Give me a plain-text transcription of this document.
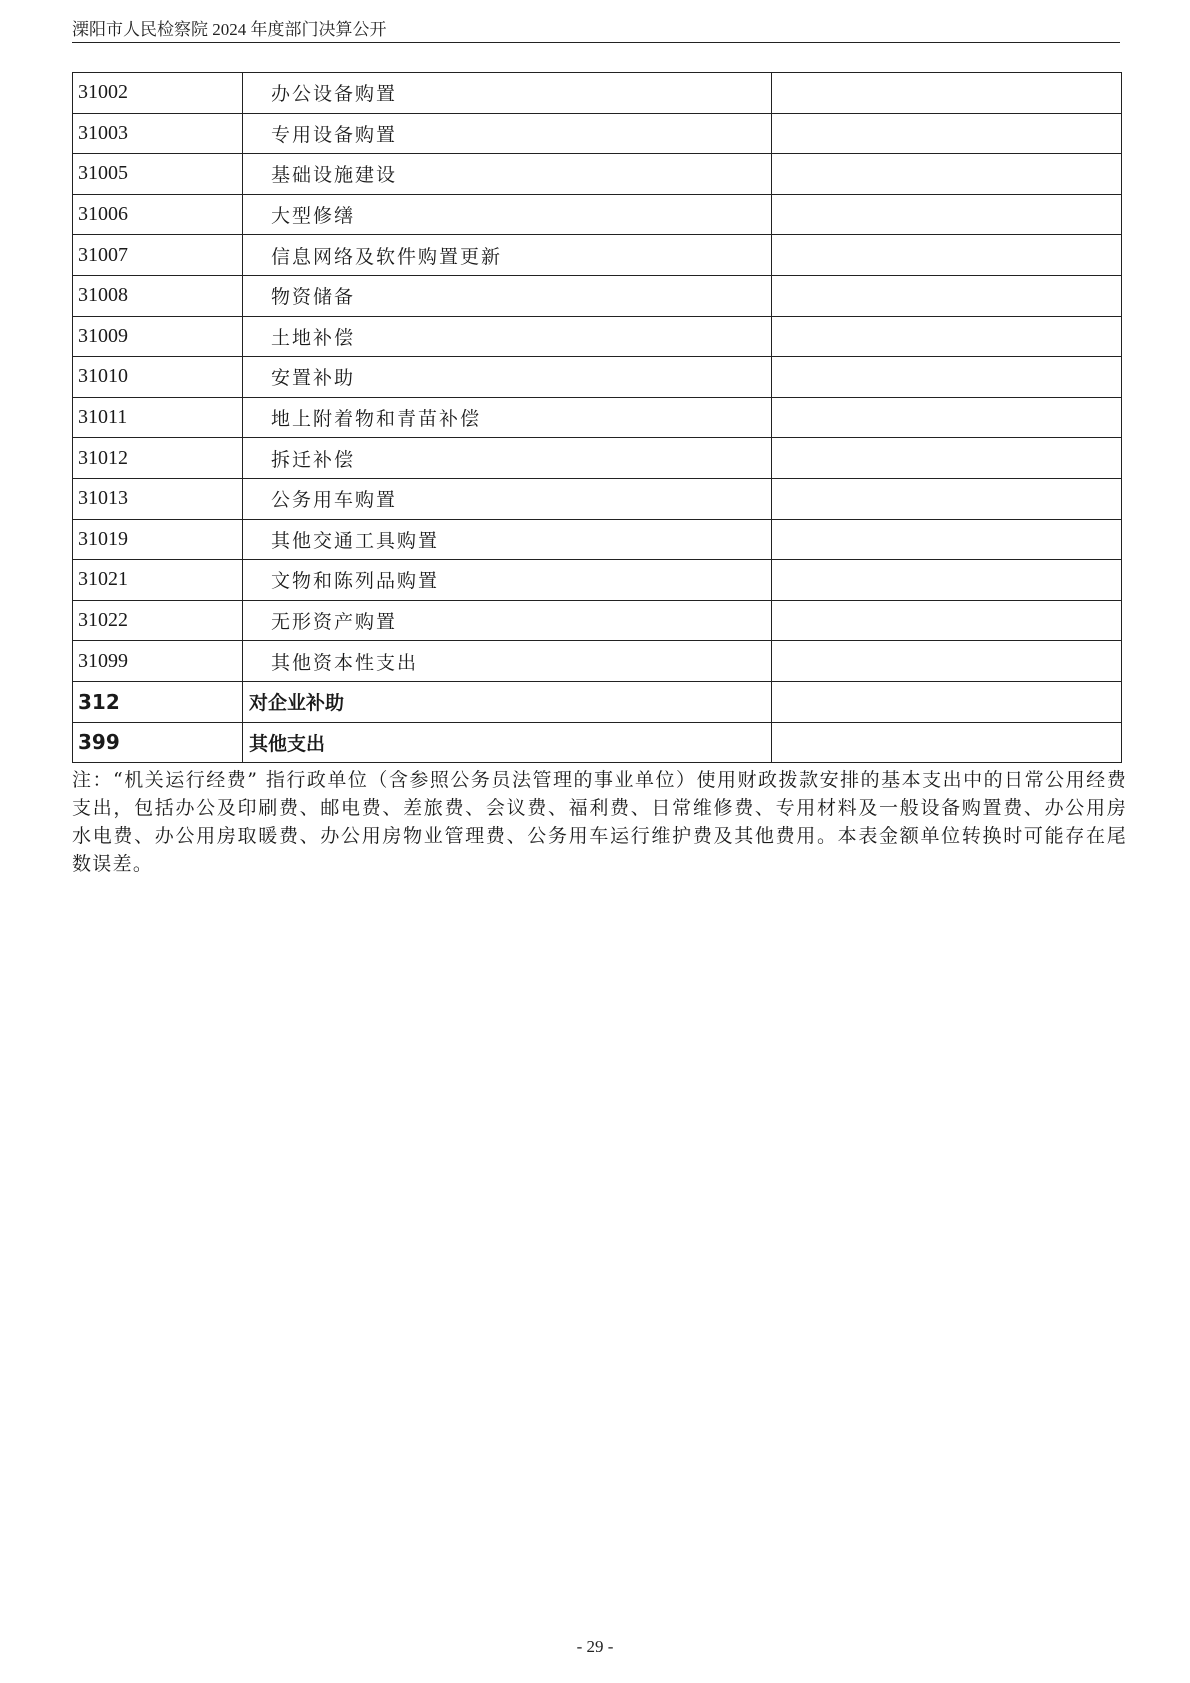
溧阳市人民检察院 2024 年度部门决算公开
31002	办公设备购置	
31003	专用设备购置	
31005	基础设施建设	
31006	大型修缮	
31007	信息网络及软件购置更新	
31008	物资储备	
31009	土地补偿	
31010	安置补助	
31011	地上附着物和青苗补偿	
31012	拆迁补偿	
31013	公务用车购置	
31019	其他交通工具购置	
31021	文物和陈列品购置	
31022	无形资产购置	
31099	其他资本性支出	
312	对企业补助	
399	其他支出	
注：“机关运行经费” 指行政单位（含参照公务员法管理的事业单位）使用财政拨款安排的基本支出中的日常公用经费支出，包括办公及印刷费、邮电费、差旅费、会议费、福利费、日常维修费、专用材料及一般设备购置费、办公用房水电费、办公用房取暖费、办公用房物业管理费、公务用车运行维护费及其他费用。本表金额单位转换时可能存在尾数误差。
- 29 -
